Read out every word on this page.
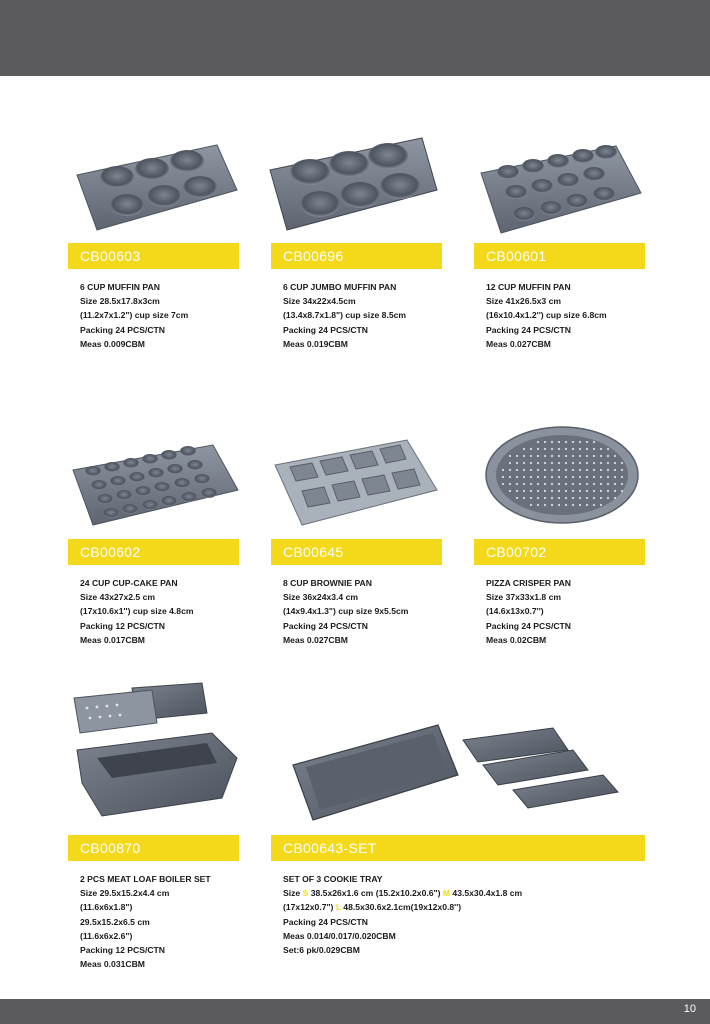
CB00603
6 CUP MUFFIN PAN
Size 28.5x17.8x3cm
(11.2x7x1.2") cup size 7cm
Packing 24 PCS/CTN
Meas 0.009CBM
CB00696
6 CUP JUMBO MUFFIN PAN
Size 34x22x4.5cm
(13.4x8.7x1.8") cup size 8.5cm
Packing 24 PCS/CTN
Meas 0.019CBM
CB00601
12 CUP MUFFIN PAN
Size 41x26.5x3 cm
(16x10.4x1.2'') cup size 6.8cm
Packing 24 PCS/CTN
Meas 0.027CBM
CB00602
24 CUP CUP-CAKE PAN
Size 43x27x2.5 cm
(17x10.6x1'') cup size 4.8cm
Packing 12 PCS/CTN
Meas 0.017CBM
CB00645
8 CUP BROWNIE PAN
Size 36x24x3.4 cm
(14x9.4x1.3") cup size 9x5.5cm
Packing 24 PCS/CTN
Meas 0.027CBM
CB00702
PIZZA CRISPER PAN
Size 37x33x1.8 cm
(14.6x13x0.7'')
Packing 24 PCS/CTN
Meas 0.02CBM
CB00870
2 PCS MEAT LOAF BOILER SET
Size 29.5x15.2x4.4 cm
(11.6x6x1.8")
29.5x15.2x6.5 cm
(11.6x6x2.6")
Packing 12 PCS/CTN
Meas 0.031CBM
CB00643-SET
SET OF 3 COOKIE TRAY
Size S 38.5x26x1.6 cm (15.2x10.2x0.6") M 43.5x30.4x1.8 cm
(17x12x0.7") L 48.5x30.6x2.1cm(19x12x0.8'')
Packing 24 PCS/CTN
Meas 0.014/0.017/0.020CBM
Set:6 pk/0.029CBM
10
